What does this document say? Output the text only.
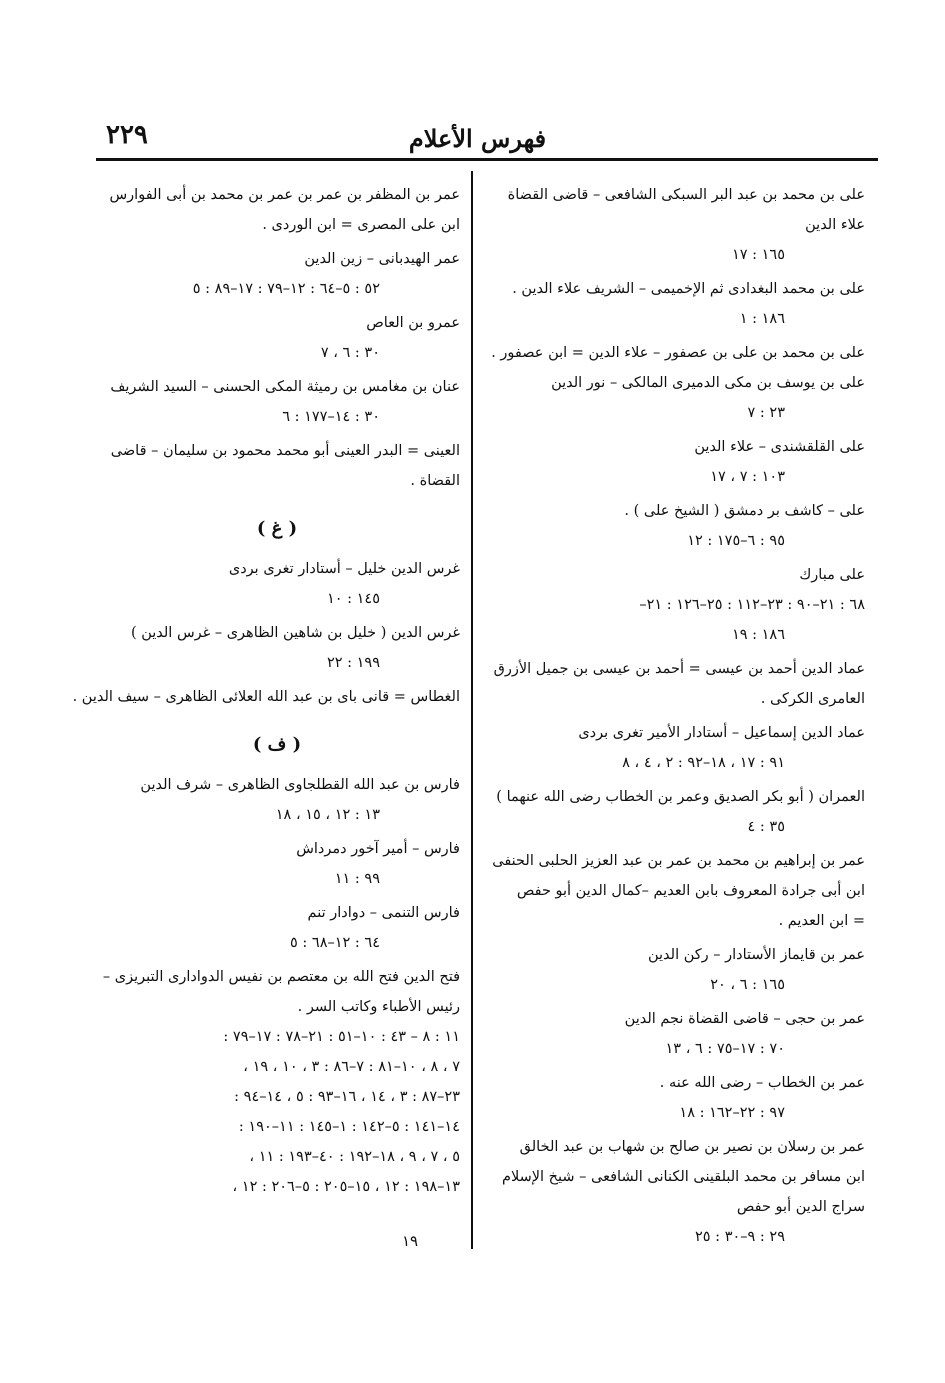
فهرس الأعلام
٢٢٩
على بن محمد بن عبد البر السبكى الشافعى – قاضى القضاة
علاء الدين
١٦٥ : ١٧
على بن محمد البغدادى ثم الإخميمى – الشريف علاء الدين .
١٨٦ : ١
على بن محمد بن على بن عصفور – علاء الدين = ابن عصفور .
على بن يوسف بن مكى الدميرى المالكى – نور الدين
٢٣ : ٧
على القلقشندى – علاء الدين
١٠٣ : ٧ ، ١٧
على – كاشف بر دمشق ( الشيخ على ) .
٩٥ : ٦–١٧٥ : ١٢
على مبارك
٦٨ : ٢١–٩٠ : ٢٣–١١٢ : ٢٥–١٢٦ : ٢١–
١٨٦ : ١٩
عماد الدين أحمد بن عيسى = أحمد بن عيسى بن جميل الأزرق
العامرى الكركى .
عماد الدين إسماعيل – أستادار الأمير تغرى بردى
٩١ : ١٧ ، ١٨–٩٢ : ٢ ، ٤ ، ٨
العمران ( أبو بكر الصديق وعمر بن الخطاب رضى الله عنهما )
٣٥ : ٤
عمر بن إبراهيم بن محمد بن عمر بن عبد العزيز الحلبى الحنفى
ابن أبى جرادة المعروف بابن العديم –كمال الدين أبو حفص
= ابن العديم .
عمر بن قايماز الأستادار – ركن الدين
١٦٥ : ٦ ، ٢٠
عمر بن حجى – قاضى القضاة نجم الدين
٧٠ : ١٧–٧٥ : ٦ ، ١٣
عمر بن الخطاب – رضى الله عنه .
٩٧ : ٢٢–١٦٢ : ١٨
عمر بن رسلان بن نصير بن صالح بن شهاب بن عبد الخالق
ابن مسافر بن محمد البلقينى الكنانى الشافعى – شيخ الإسلام
سراج الدين أبو حفص
٢٩ : ٩–٣٠ : ٢٥
عمر بن المظفر بن عمر بن عمر بن محمد بن أبى الفوارس
ابن على المصرى = ابن الوردى .
عمر الهيدبانى – زين الدين
٥٢ : ٥–٦٤ : ١٢–٧٩ : ١٧–٨٩ : ٥
عمرو بن العاص
٣٠ : ٦ ، ٧
عنان بن مغامس بن رميثة المكى الحسنى – السيد الشريف
٣٠ : ١٤–١٧٧ : ٦
العينى = البدر العينى أبو محمد محمود بن سليمان – قاضى
القضاة .
( غ )
غرس الدين خليل – أستادار تغرى بردى
١٤٥ : ١٠
غرس الدين ( خليل بن شاهين الظاهرى – غرس الدين )
١٩٩ : ٢٢
الغطاس = قانى باى بن عبد الله العلائى الظاهرى – سيف الدين .
( ف )
فارس بن عبد الله القطلجاوى الظاهرى – شرف الدين
١٣ : ١٢ ، ١٥ ، ١٨
فارس – أمير آخور دمرداش
٩٩ : ١١
فارس التنمى – دوادار تنم
٦٤ : ١٢–٦٨ : ٥
فتح الدين فتح الله بن معتصم بن نفيس الدوادارى التبريزى –
رئيس الأطباء وكاتب السر .
١١ : ٨ – ٤٣ : ١٠–٥١ : ٢١–٧٨ : ١٧–٧٩ :
٧ ، ٨ ، ١٠–٨١ : ٧–٨٦ : ٣ ، ١٠ ، ١٩ ،
٢٣–٨٧ : ٣ ، ١٤ ، ١٦–٩٣ : ٥ ، ١٤–٩٤ :
١٤–١٤١ : ٥–١٤٢ : ١–١٤٥ : ١١–١٩٠ :
٥ ، ٧ ، ٩ ، ١٨–١٩٢ : ٤٠–١٩٣ : ١١ ،
١٣–١٩٨ : ١٢ ، ١٥–٢٠٥ : ٥–٢٠٦ : ١٢ ،
١٩
